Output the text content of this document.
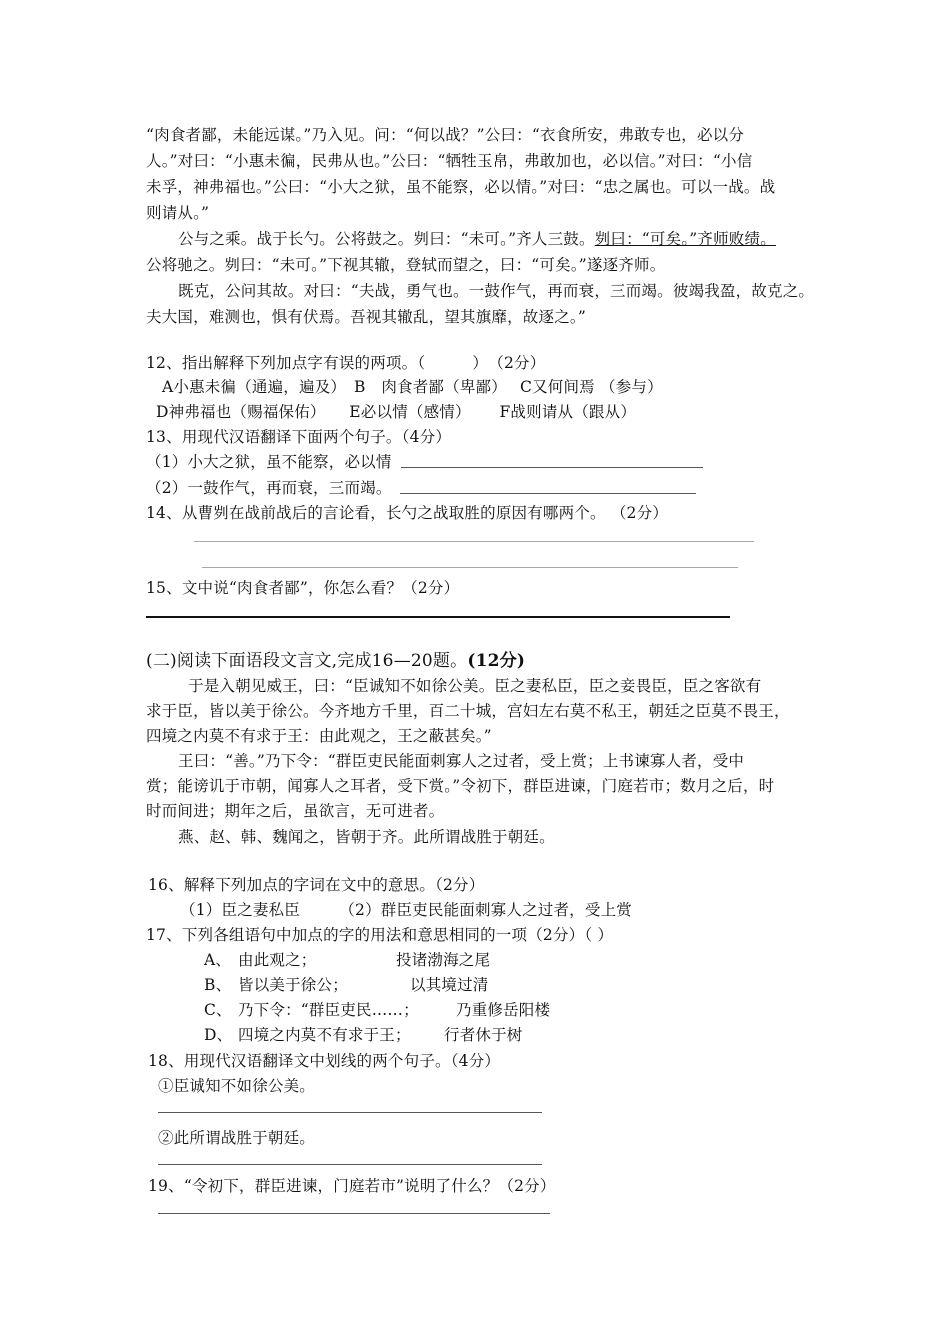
“肉食者鄙，未能远谋。”乃入见。问：“何以战？”公曰：“衣食所安，弗敢专也，必以分
人。”对曰：“小惠未徧，民弗从也。”公曰：“牺牲玉帛，弗敢加也，必以信。”对曰：“小信
未孚，神弗福也。”公曰：“小大之狱，虽不能察，必以情。”对曰：“忠之属也。可以一战。战
则请从。”
公与之乘。战于长勺。公将鼓之。刿曰：“未可。”齐人三鼓。刿曰：“可矣。”齐师败绩。
公将驰之。刿曰：“未可。”下视其辙，登轼而望之，曰：“可矣。”遂逐齐师。
既克，公问其故。对曰：“夫战，勇气也。一鼓作气，再而衰，三而竭。彼竭我盈，故克之。
夫大国，难测也，惧有伏焉。吾视其辙乱，望其旗靡，故逐之。”
12、指出解释下列加点字有误的两项。（　　　）　（2分）
A小惠未徧（通遍，遍及）　B　肉食者鄙（卑鄙）　 C又何间焉 （参与）
D神弗福也（赐福保佑）　　E必以情（感情）　　 F战则请从（跟从）
13、用现代汉语翻译下面两个句子。（4分）
（1）小大之狱，虽不能察，必以情
（2）一鼓作气，再而衰，三而竭。
14、从曹刿在战前战后的言论看，长勺之战取胜的原因有哪两个。 （2分）
15、文中说“肉食者鄙”，你怎么看？（2分）
(二)阅读下面语段文言文,完成16—20题。(12分)
于是入朝见威王，曰：“臣诚知不如徐公美。臣之妻私臣，臣之妾畏臣，臣之客欲有
求于臣，皆以美于徐公。今齐地方千里，百二十城，宫妇左右莫不私王，朝廷之臣莫不畏王，
四境之内莫不有求于王：由此观之，王之蔽甚矣。”
王曰：“善。”乃下令：“群臣吏民能面刺寡人之过者，受上赏；上书谏寡人者，受中
赏；能谤讥于市朝，闻寡人之耳者，受下赏。”令初下，群臣进谏，门庭若市；数月之后，时
时而间进；期年之后，虽欲言，无可进者。
燕、赵、韩、魏闻之，皆朝于齐。此所谓战胜于朝廷。
16、解释下列加点的字词在文中的意思。（2分）
（1）臣之妻私臣　　　（2）群臣吏民能面刺寡人之过者，受上赏
17、下列各组语句中加点的字的用法和意思相同的一项（2分）（ ）
A、 由此观之；	投诸渤海之尾
B、 皆以美于徐公；	以其境过清
C、 乃下令：“群臣吏民……； 乃重修岳阳楼
D、 四境之内莫不有求于王； 行者休于树
18、用现代汉语翻译文中划线的两个句子。（4分）
①臣诚知不如徐公美。
②此所谓战胜于朝廷。
19、“令初下，群臣进谏，门庭若市”说明了什么？（2分）
